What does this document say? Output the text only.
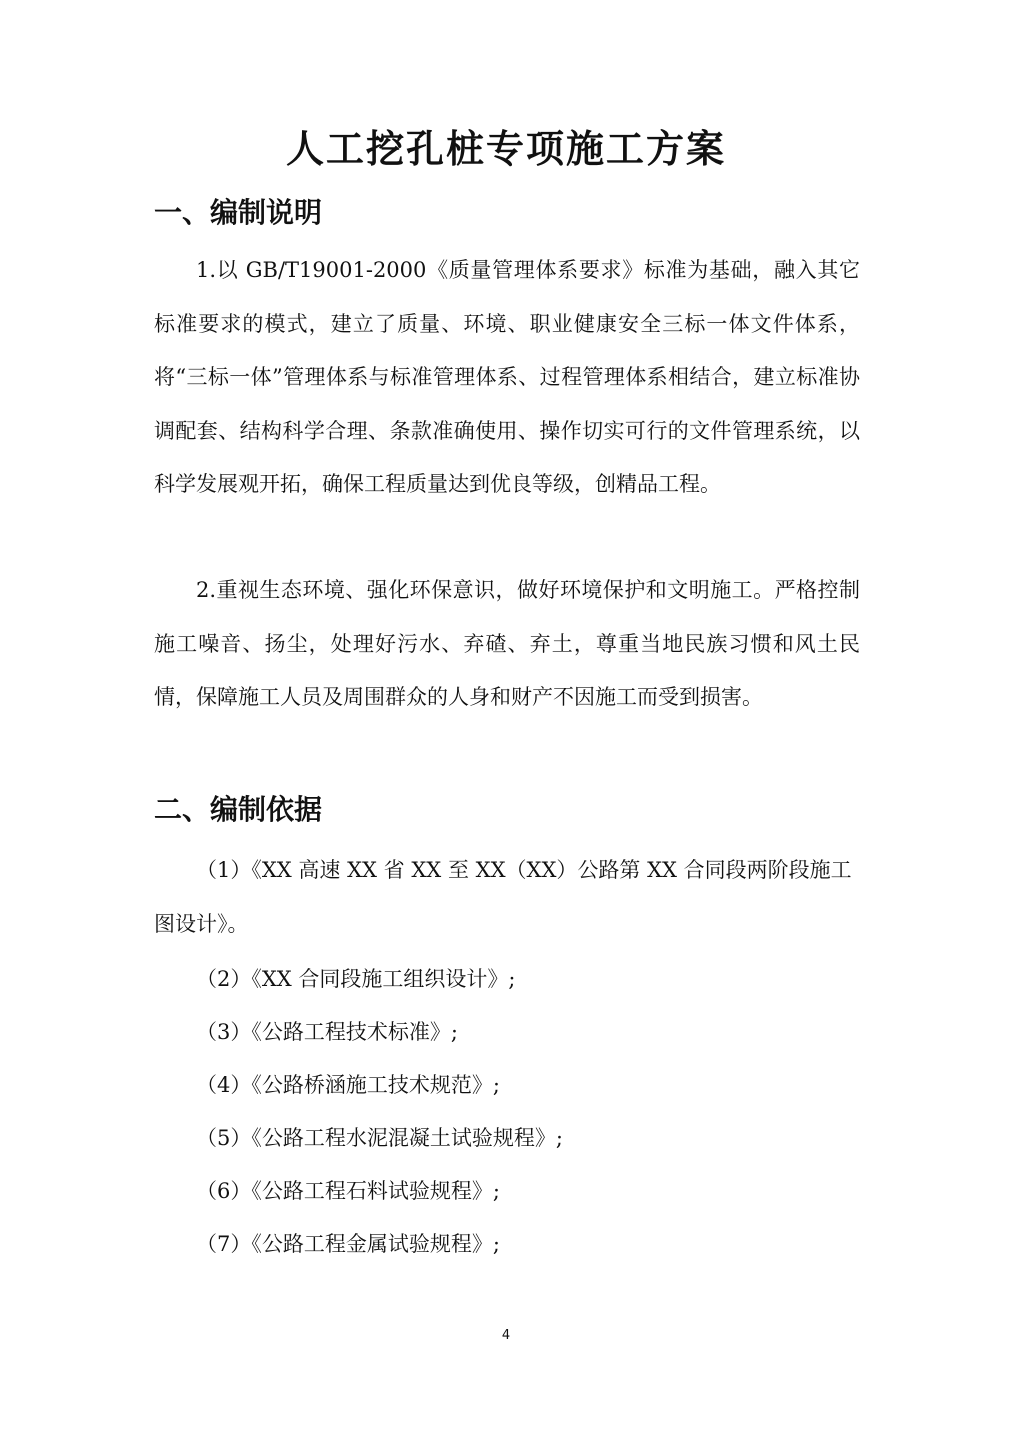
人工挖孔桩专项施工方案
一、编制说明

1.以 GB/T19001-2000《质量管理体系要求》标准为基础，融入其它标准要求的模式，建立了质量、环境、职业健康安全三标一体文件体系，将“三标一体”管理体系与标准管理体系、过程管理体系相结合，建立标准协调配套、结构科学合理、条款准确使用、操作切实可行的文件管理系统，以科学发展观开拓，确保工程质量达到优良等级，创精品工程。

2.重视生态环境、强化环保意识，做好环境保护和文明施工。严格控制施工噪音、扬尘，处理好污水、弃碴、弃土，尊重当地民族习惯和风土民情，保障施工人员及周围群众的人身和财产不因施工而受到损害。

二、编制依据

（1）《XX 高速 XX 省 XX 至 XX（XX）公路第 XX 合同段两阶段施工图设计》。

（2）《XX 合同段施工组织设计》;

（3）《公路工程技术标准》;

（4）《公路桥涵施工技术规范》;

（5）《公路工程水泥混凝土试验规程》;

（6）《公路工程石料试验规程》;

（7）《公路工程金属试验规程》;

4
